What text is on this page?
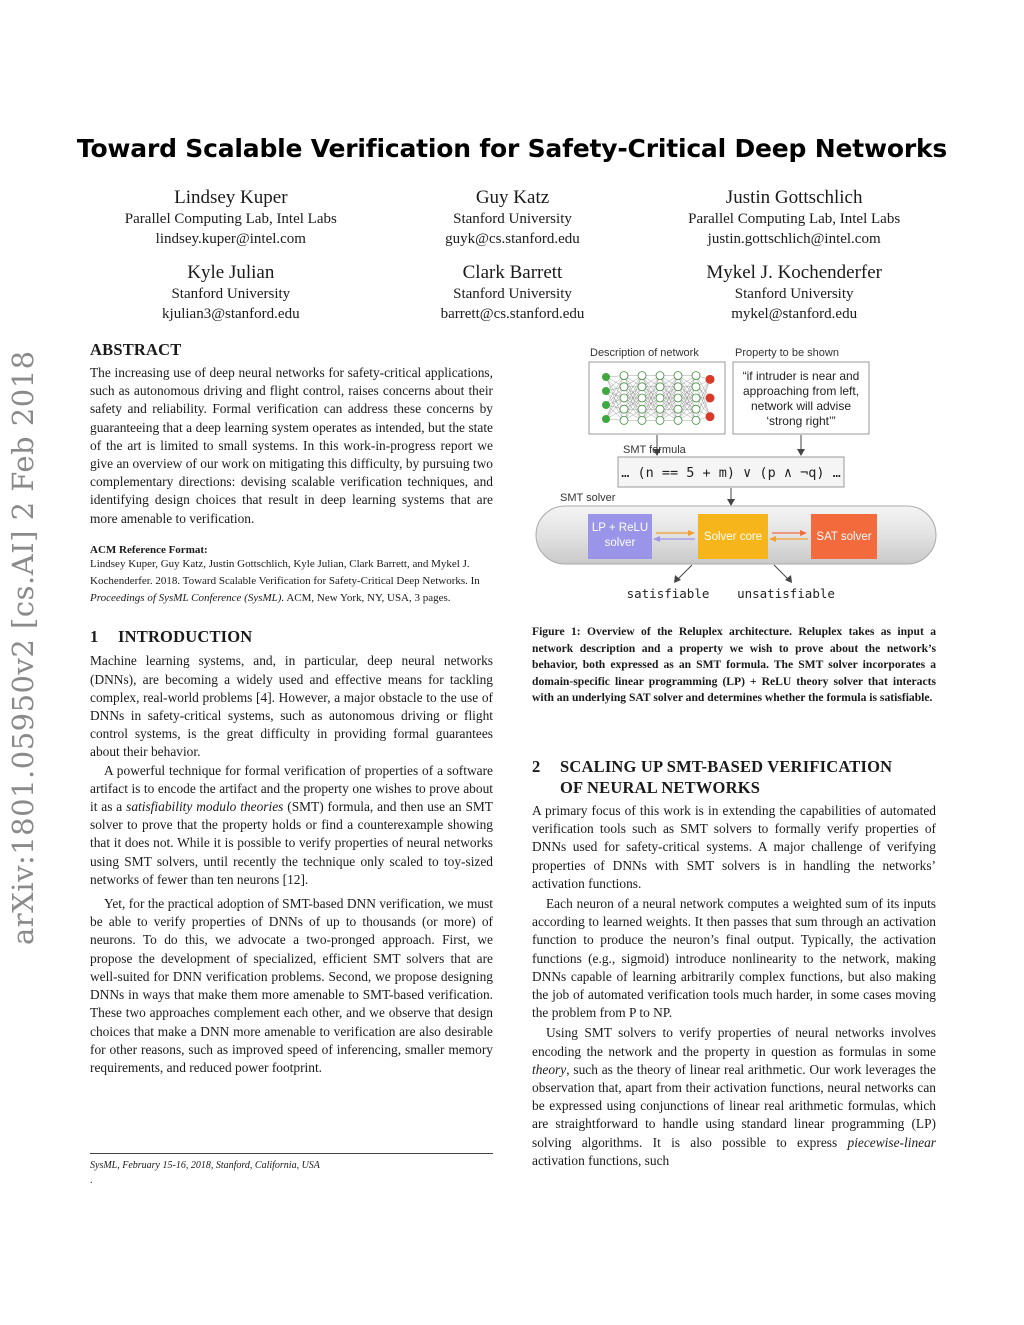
arXiv:1801.05950v2 [cs.AI] 2 Feb 2018
Toward Scalable Verification for Safety-Critical Deep Networks
Lindsey Kuper
Parallel Computing Lab, Intel Labs
lindsey.kuper@intel.com
Guy Katz
Stanford University
guyk@cs.stanford.edu
Justin Gottschlich
Parallel Computing Lab, Intel Labs
justin.gottschlich@intel.com
Kyle Julian
Stanford University
kjulian3@stanford.edu
Clark Barrett
Stanford University
barrett@cs.stanford.edu
Mykel J. Kochenderfer
Stanford University
mykel@stanford.edu
ABSTRACT

The increasing use of deep neural networks for safety-critical applications, such as autonomous driving and flight control, raises concerns about their safety and reliability. Formal verification can address these concerns by guaranteeing that a deep learning system operates as intended, but the state of the art is limited to small systems. In this work-in-progress report we give an overview of our work on mitigating this difficulty, by pursuing two complementary directions: devising scalable verification techniques, and identifying design choices that result in deep learning systems that are more amenable to verification.

ACM Reference Format:

Lindsey Kuper, Guy Katz, Justin Gottschlich, Kyle Julian, Clark Barrett, and Mykel J. Kochenderfer. 2018. Toward Scalable Verification for Safety-Critical Deep Networks. In Proceedings of SysML Conference (SysML). ACM, New York, NY, USA, 3 pages.

1 INTRODUCTION

Machine learning systems, and, in particular, deep neural networks (DNNs), are becoming a widely used and effective means for tackling complex, real-world problems [4]. However, a major obstacle to the use of DNNs in safety-critical systems, such as autonomous driving or flight control systems, is the great difficulty in providing formal guarantees about their behavior.

A powerful technique for formal verification of properties of a software artifact is to encode the artifact and the property one wishes to prove about it as a satisfiability modulo theories (SMT) formula, and then use an SMT solver to prove that the property holds or find a counterexample showing that it does not. While it is possible to verify properties of neural networks using SMT solvers, until recently the technique only scaled to toy-sized networks of fewer than ten neurons [12].

Yet, for the practical adoption of SMT-based DNN verification, we must be able to verify properties of DNNs of up to thousands (or more) of neurons. To do this, we advocate a two-pronged approach. First, we propose the development of specialized, efficient SMT solvers that are well-suited for DNN verification problems. Second, we propose designing DNNs in ways that make them more amenable to SMT-based verification. These two approaches complement each other, and we observe that design choices that make a DNN more amenable to verification are also desirable for other reasons, such as improved speed of inferencing, smaller memory requirements, and reduced power footprint.

SysML, February 15-16, 2018, Stanford, California, USA
.
Description of network	Property to be shown
“if intruder is near and
approaching from left,
network will advise
‘strong right’”
SMT formula
… (n == 5 + m) ∨ (p ∧ ¬q) …
SMT solver
LP + ReLU
solver	Solver core	SAT solver
satisfiable unsatisfiable

Figure 1: Overview of the Reluplex architecture. Reluplex takes as input a network description and a property we wish to prove about the network’s behavior, both expressed as an SMT formula. The SMT solver incorporates a domain-specific linear programming (LP) + ReLU theory solver that interacts with an underlying SAT solver and determines whether the formula is satisfiable.

2 SCALING UP SMT-BASED VERIFICATION
OF NEURAL NETWORKS

A primary focus of this work is in extending the capabilities of automated verification tools such as SMT solvers to formally verify properties of DNNs used for safety-critical systems. A major challenge of verifying properties of DNNs with SMT solvers is in handling the networks’ activation functions.

Each neuron of a neural network computes a weighted sum of its inputs according to learned weights. It then passes that sum through an activation function to produce the neuron’s final output. Typically, the activation functions (e.g., sigmoid) introduce nonlinearity to the network, making DNNs capable of learning arbitrarily complex functions, but also making the job of automated verification tools much harder, in some cases moving the problem from P to NP.

Using SMT solvers to verify properties of neural networks involves encoding the network and the property in question as formulas in some theory, such as the theory of linear real arithmetic. Our work leverages the observation that, apart from their activation functions, neural networks can be expressed using conjunctions of linear real arithmetic formulas, which are straightforward to handle using standard linear programming (LP) solving algorithms. It is also possible to express piecewise-linear activation functions, such
